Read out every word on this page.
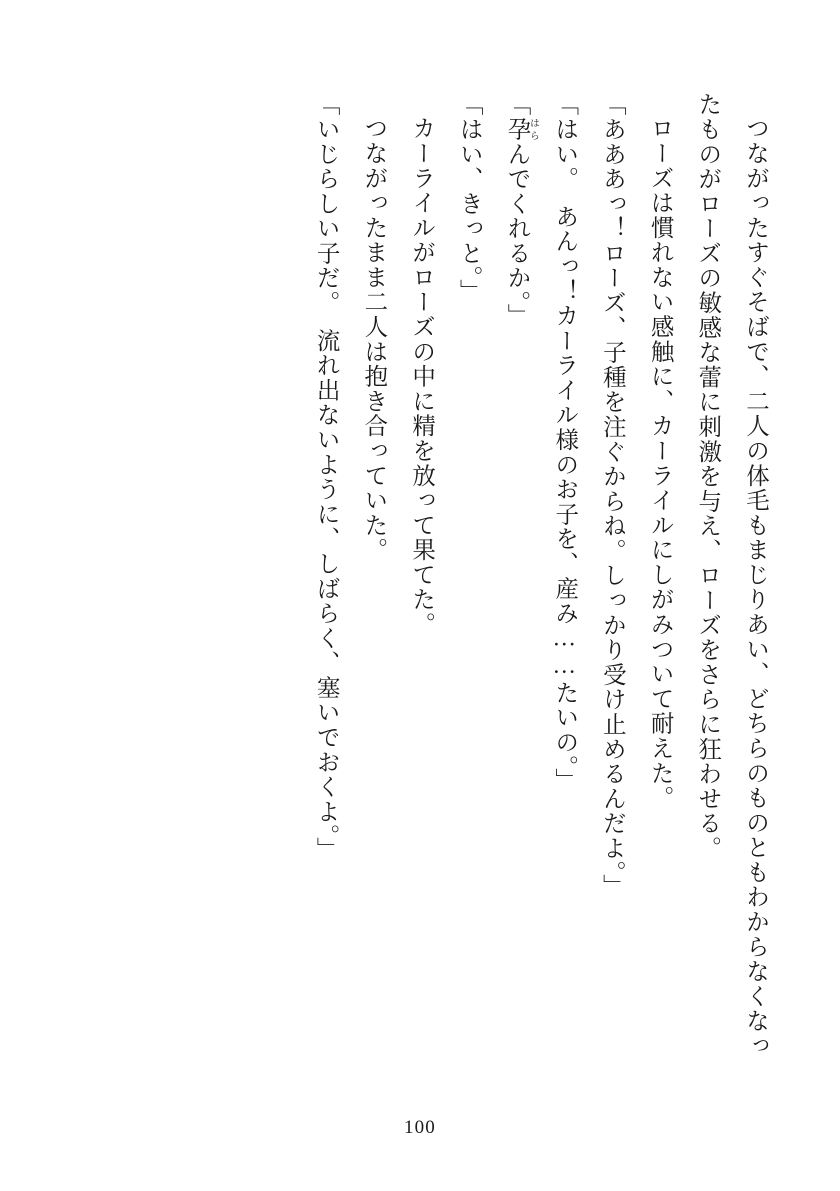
つながったすぐそばで、二人の体毛もまじりあい、どちらのものともわからなくなったものがローズの敏感な蕾に刺激を与え、ローズをさらに狂わせる。
ローズは慣れない感触に、カーライルにしがみついて耐えた。
「あああっ！ローズ、子種を注ぐからね。しっかり受け止めるんだよ。」
「はい。　あんっ！カーライル様のお子を、産み……たいの。」
「孕はらんでくれるか。」
「はい、きっと。」
カーライルがローズの中に精を放って果てた。
つながったまま二人は抱き合っていた。
「いじらしい子だ。　流れ出ないように、しばらく、塞いでおくよ。」
100
